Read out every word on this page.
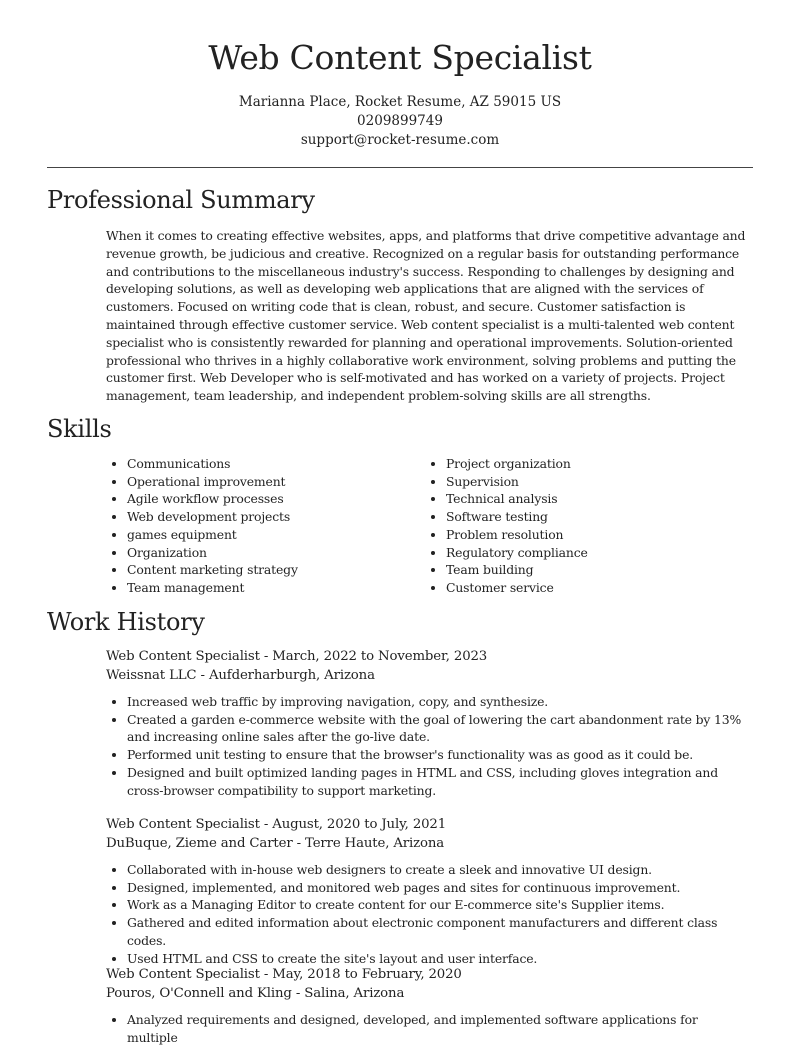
Web Content Specialist
Marianna Place, Rocket Resume, AZ 59015 US
0209899749
support@rocket-resume.com
Professional Summary

When it comes to creating effective websites, apps, and platforms that drive competitive advantage and revenue growth, be judicious and creative. Recognized on a regular basis for outstanding performance and contributions to the miscellaneous industry's success. Responding to challenges by designing and developing solutions, as well as developing web applications that are aligned with the services of customers. Focused on writing code that is clean, robust, and secure. Customer satisfaction is maintained through effective customer service. Web content specialist is a multi-talented web content specialist who is consistently rewarded for planning and operational improvements. Solution-oriented professional who thrives in a highly collaborative work environment, solving problems and putting the customer first. Web Developer who is self-motivated and has worked on a variety of projects. Project management, team leadership, and independent problem-solving skills are all strengths.

Skills
• Communications
• Operational improvement
• Agile workflow processes
• Web development projects
• games equipment
• Organization
• Content marketing strategy
• Team management
• Project organization
• Supervision
• Technical analysis
• Software testing
• Problem resolution
• Regulatory compliance
• Team building
• Customer service
Work History
Web Content Specialist - March, 2022 to November, 2023
Weissnat LLC - Aufderharburgh, Arizona
• Increased web traffic by improving navigation, copy, and synthesize.
• Created a garden e-commerce website with the goal of lowering the cart abandonment rate by 13% and increasing online sales after the go-live date.
• Performed unit testing to ensure that the browser's functionality was as good as it could be.
• Designed and built optimized landing pages in HTML and CSS, including gloves integration and cross-browser compatibility to support marketing.
Web Content Specialist - August, 2020 to July, 2021
DuBuque, Zieme and Carter - Terre Haute, Arizona
• Collaborated with in-house web designers to create a sleek and innovative UI design.
• Designed, implemented, and monitored web pages and sites for continuous improvement.
• Work as a Managing Editor to create content for our E-commerce site's Supplier items.
• Gathered and edited information about electronic component manufacturers and different class codes.
• Used HTML and CSS to create the site's layout and user interface.
Web Content Specialist - May, 2018 to February, 2020
Pouros, O'Connell and Kling - Salina, Arizona
• Analyzed requirements and designed, developed, and implemented software applications for multiple
